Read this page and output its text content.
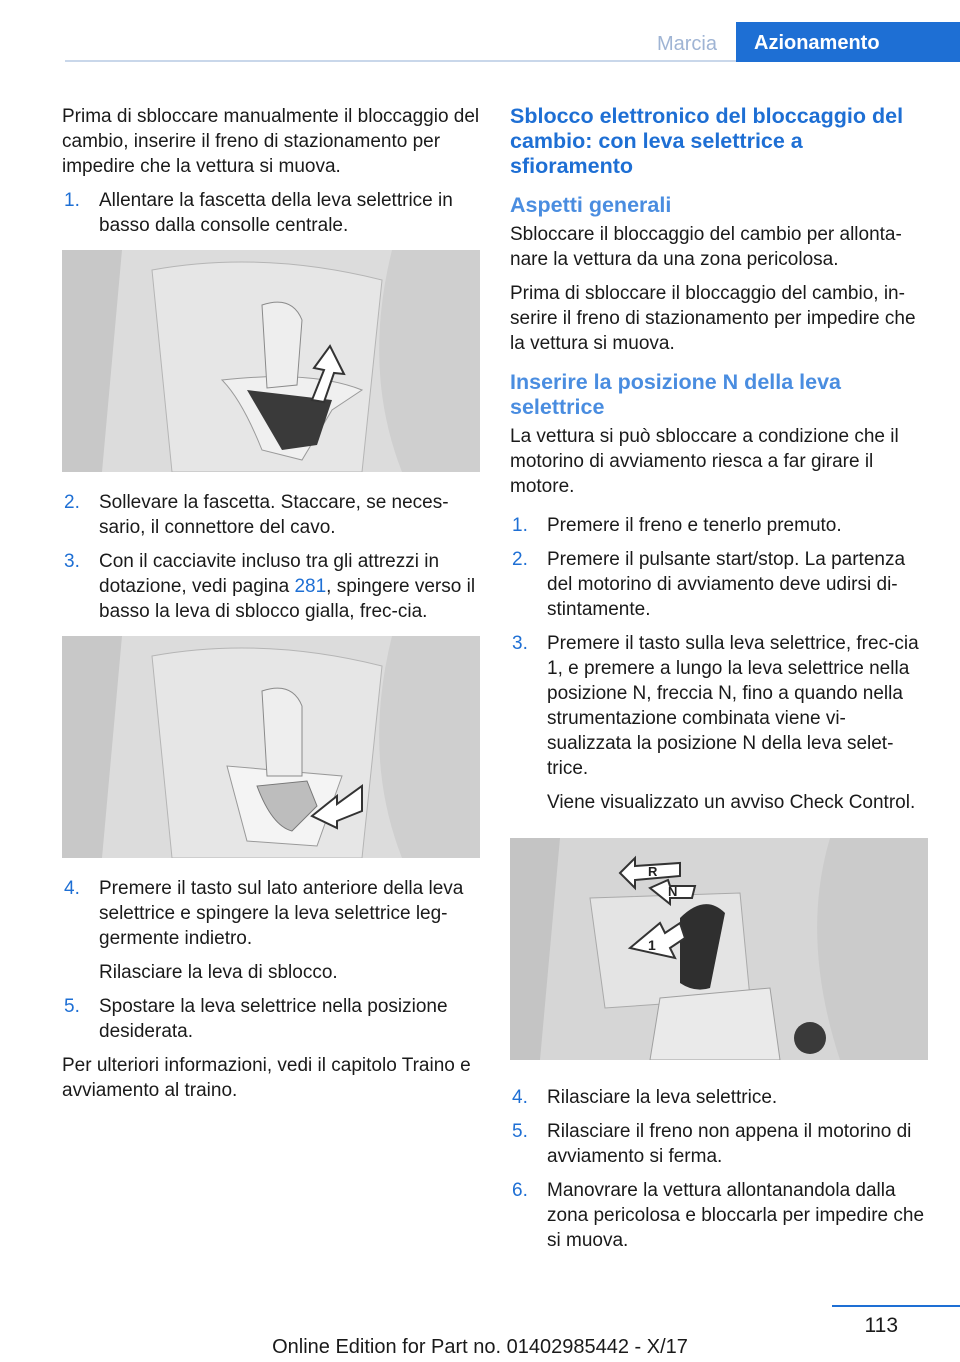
Marcia	Azionamento

Prima di sbloccare manualmente il bloccaggio del cambio, inserire il freno di stazionamento per impedire che la vettura si muova.

1. Allentare la fascetta della leva selettrice in basso dalla consolle centrale.
2. Sollevare la fascetta. Staccare, se neces‐sario, il connettore del cavo.
3. Con il cacciavite incluso tra gli attrezzi in dotazione, vedi pagina 281, spingere verso il basso la leva di sblocco gialla, frec‐cia.
4. Premere il tasto sul lato anteriore della leva selettrice e spingere la leva selettrice leg‐germente indietro.
Rilasciare la leva di sblocco.
5. Spostare la leva selettrice nella posizione desiderata.

Per ulteriori informazioni, vedi il capitolo Traino e avviamento al traino.

Sblocco elettronico del bloccaggio del cambio: con leva selettrice a sfioramento
Aspetti generali

Sbloccare il bloccaggio del cambio per allonta‐nare la vettura da una zona pericolosa.

Prima di sbloccare il bloccaggio del cambio, in‐serire il freno di stazionamento per impedire che la vettura si muova.

Inserire la posizione N della leva selettrice

La vettura si può sbloccare a condizione che il motorino di avviamento riesca a far girare il motore.

1. Premere il freno e tenerlo premuto.
2. Premere il pulsante start/stop. La partenza del motorino di avviamento deve udirsi di‐stintamente.
3. Premere il tasto sulla leva selettrice, frec‐cia 1, e premere a lungo la leva selettrice nella posizione N, freccia N, fino a quando nella strumentazione combinata viene vi‐sualizzata la posizione N della leva selet‐trice.
Viene visualizzato un avviso Check Control.
R
N
1
4. Rilasciare la leva selettrice.
5. Rilasciare il freno non appena il motorino di avviamento si ferma.
6. Manovrare la vettura allontanandola dalla zona pericolosa e bloccarla per impedire che si muova.
113
Online Edition for Part no. 01402985442 - X/17
